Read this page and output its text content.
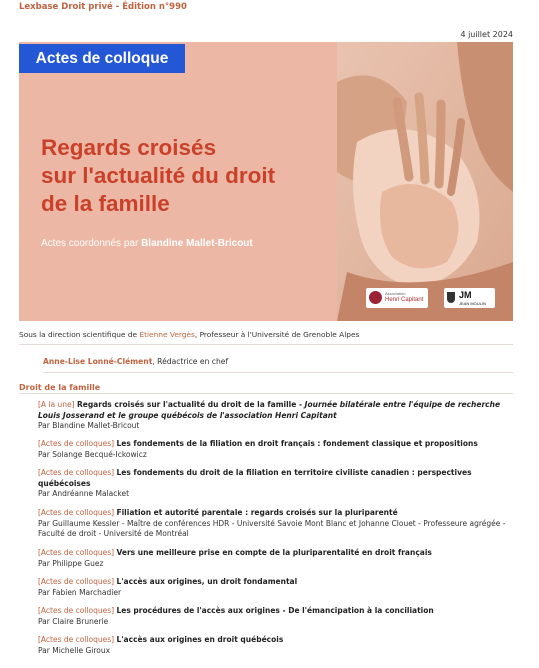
Lexbase Droit privé - Édition n°990
4 juillet 2024
Actes de colloque
Regards croisés
sur l'actualité du droit
de la famille
Actes coordonnés par Blandine Mallet-Bricout
Association
Henri Capitant	JM
JEAN MOULIN
Sous la direction scientifique de Etienne Vergès, Professeur à l'Université de Grenoble Alpes
Anne-Lise Lonné-Clément, Rédactrice en chef
Droit de la famille
[A la une] Regards croisés sur l'actualité du droit de la famille - Journée bilatérale entre l'équipe de recherche Louis Josserand et le groupe québécois de l'association Henri Capitant
Par Blandine Mallet-Bricout
[Actes de colloques] Les fondements de la filiation en droit français : fondement classique et propositions
Par Solange Becqué-Ickowicz
[Actes de colloques] Les fondements du droit de la filiation en territoire civiliste canadien : perspectives québécoises
Par Andréanne Malacket
[Actes de colloques] Filiation et autorité parentale : regards croisés sur la pluriparenté
Par Guillaume Kessler - Maître de conférences HDR - Université Savoie Mont Blanc et Johanne Clouet - Professeure agrégée - Faculté de droit - Université de Montréal
[Actes de colloques] Vers une meilleure prise en compte de la pluriparentalité en droit français
Par Philippe Guez
[Actes de colloques] L'accès aux origines, un droit fondamental
Par Fabien Marchadier
[Actes de colloques] Les procédures de l'accès aux origines - De l'émancipation à la conciliation
Par Claire Brunerie
[Actes de colloques] L'accès aux origines en droit québécois
Par Michelle Giroux
